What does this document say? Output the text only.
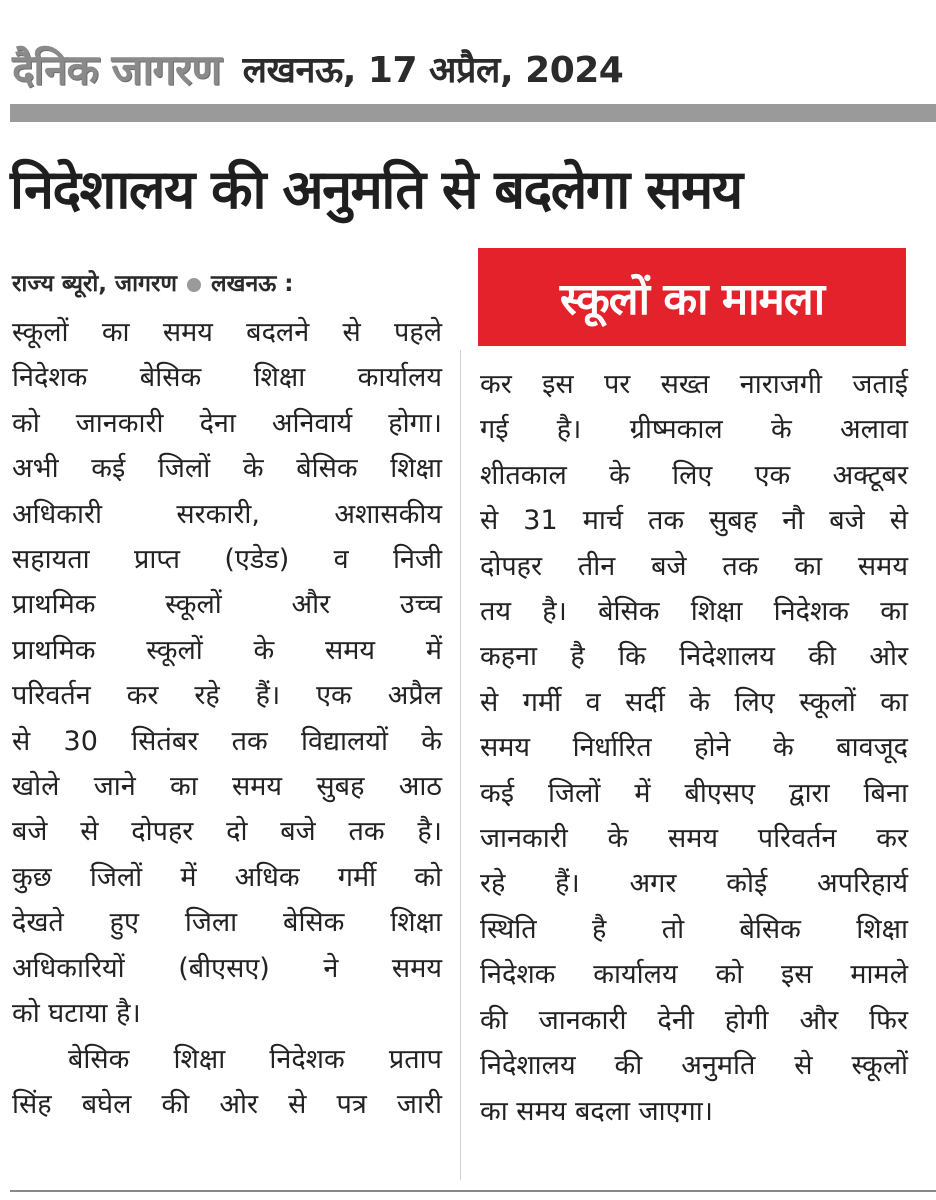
दैनिक जागरण लखनऊ, 17 अप्रैल, 2024
निदेशालय की अनुमति से बदलेगा समय
राज्य ब्यूरो, जागरण लखनऊ :	स्कूलों का मामला
स्कूलों का समय बदलने से पहले
निदेशक बेसिक शिक्षा कार्यालय
को जानकारी देना अनिवार्य होगा।
अभी कई जिलों के बेसिक शिक्षा
अधिकारी सरकारी, अशासकीय
सहायता प्राप्त (एडेड) व निजी
प्राथमिक स्कूलों और उच्च
प्राथमिक स्कूलों के समय में
परिवर्तन कर रहे हैं। एक अप्रैल
से 30 सितंबर तक विद्यालयों के
खोले जाने का समय सुबह आठ
बजे से दोपहर दो बजे तक है।
कुछ जिलों में अधिक गर्मी को
देखते हुए जिला बेसिक शिक्षा
अधिकारियों (बीएसए) ने समय
को घटाया है।
बेसिक शिक्षा निदेशक प्रताप
सिंह बघेल की ओर से पत्र जारी
कर इस पर सख्त नाराजगी जताई
गई है। ग्रीष्मकाल के अलावा
शीतकाल के लिए एक अक्टूबर
से 31 मार्च तक सुबह नौ बजे से
दोपहर तीन बजे तक का समय
तय है। बेसिक शिक्षा निदेशक का
कहना है कि निदेशालय की ओर
से गर्मी व सर्दी के लिए स्कूलों का
समय निर्धारित होने के बावजूद
कई जिलों में बीएसए द्वारा बिना
जानकारी के समय परिवर्तन कर
रहे हैं। अगर कोई अपरिहार्य
स्थिति है तो बेसिक शिक्षा
निदेशक कार्यालय को इस मामले
की जानकारी देनी होगी और फिर
निदेशालय की अनुमति से स्कूलों
का समय बदला जाएगा।
